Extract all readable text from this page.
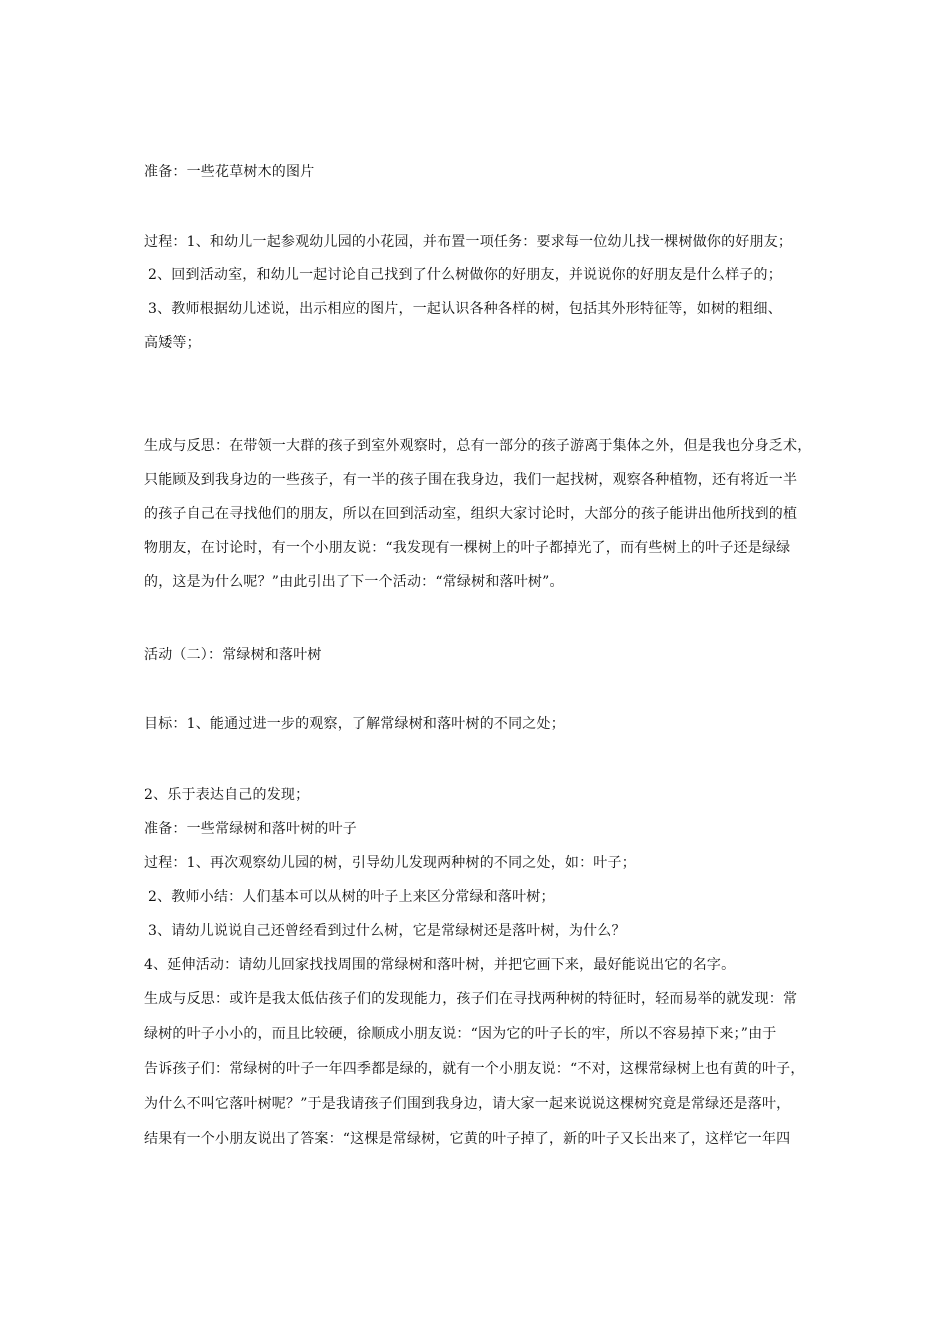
准备：一些花草树木的图片
过程：1、和幼儿一起参观幼儿园的小花园，并布置一项任务：要求每一位幼儿找一棵树做你的好朋友；
2、回到活动室，和幼儿一起讨论自己找到了什么树做你的好朋友，并说说你的好朋友是什么样子的；
3、教师根据幼儿述说，出示相应的图片，一起认识各种各样的树，包括其外形特征等，如树的粗细、
高矮等；
生成与反思：在带领一大群的孩子到室外观察时，总有一部分的孩子游离于集体之外，但是我也分身乏术，
只能顾及到我身边的一些孩子，有一半的孩子围在我身边，我们一起找树，观察各种植物，还有将近一半
的孩子自己在寻找他们的朋友，所以在回到活动室，组织大家讨论时，大部分的孩子能讲出他所找到的植
物朋友，在讨论时，有一个小朋友说：“我发现有一棵树上的叶子都掉光了，而有些树上的叶子还是绿绿
的，这是为什么呢？”由此引出了下一个活动：“常绿树和落叶树”。
活动（二）：常绿树和落叶树
目标：1、能通过进一步的观察，了解常绿树和落叶树的不同之处；
2、乐于表达自己的发现；
准备：一些常绿树和落叶树的叶子
过程：1、再次观察幼儿园的树，引导幼儿发现两种树的不同之处，如：叶子；
2、教师小结：人们基本可以从树的叶子上来区分常绿和落叶树；
3、请幼儿说说自己还曾经看到过什么树，它是常绿树还是落叶树，为什么？
4、延伸活动：请幼儿回家找找周围的常绿树和落叶树，并把它画下来，最好能说出它的名字。
生成与反思：或许是我太低估孩子们的发现能力，孩子们在寻找两种树的特征时，轻而易举的就发现：常
绿树的叶子小小的，而且比较硬，徐顺成小朋友说：“因为它的叶子长的牢，所以不容易掉下来；”由于
告诉孩子们：常绿树的叶子一年四季都是绿的，就有一个小朋友说：“不对，这棵常绿树上也有黄的叶子，
为什么不叫它落叶树呢？”于是我请孩子们围到我身边，请大家一起来说说这棵树究竟是常绿还是落叶，
结果有一个小朋友说出了答案：“这棵是常绿树，它黄的叶子掉了，新的叶子又长出来了，这样它一年四
